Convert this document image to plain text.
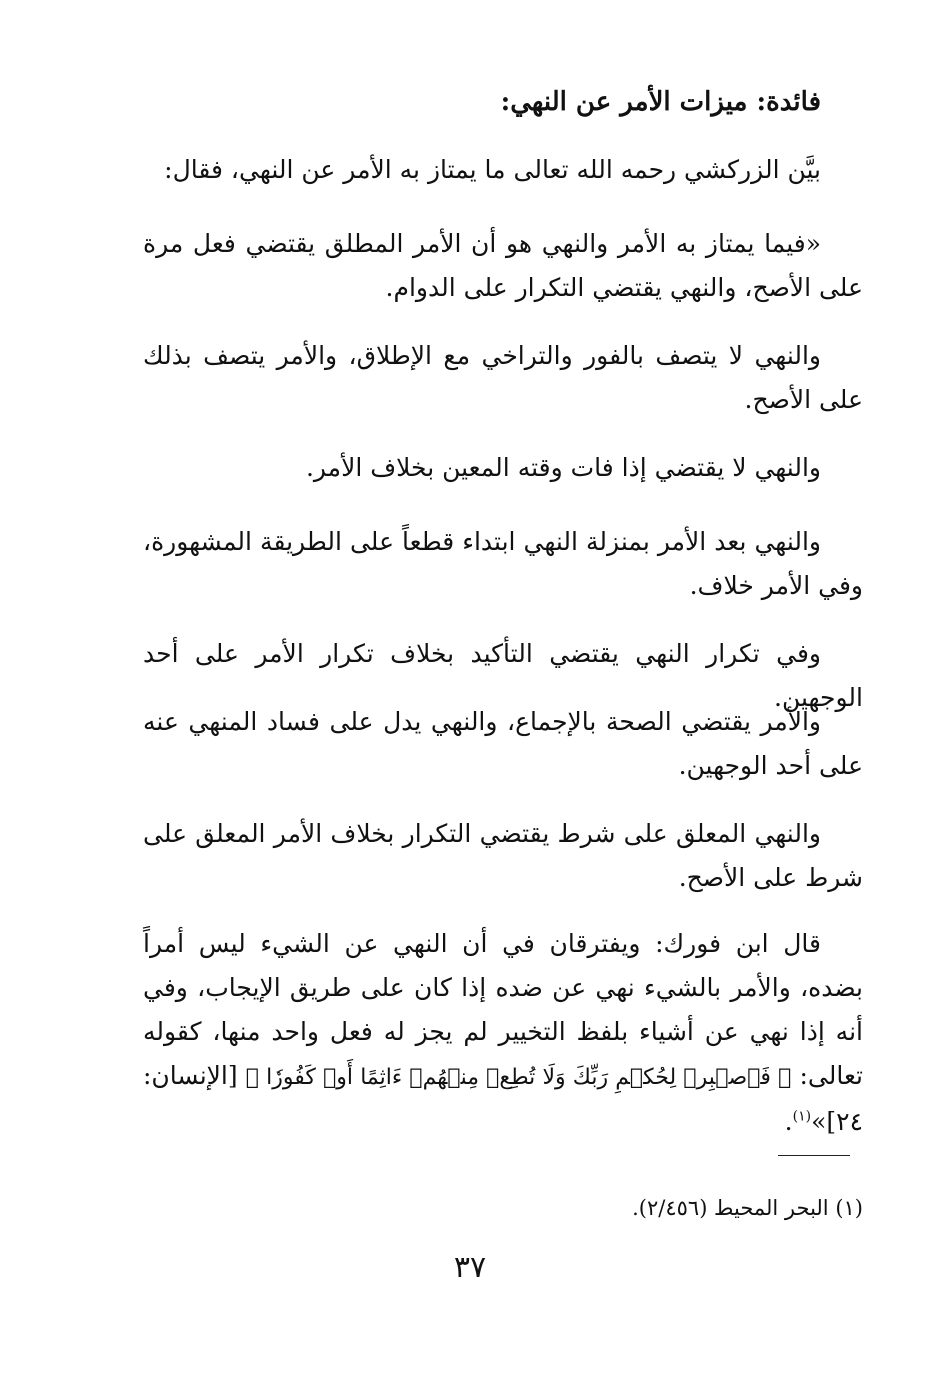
فائدة: ميزات الأمر عن النهي:

بيَّن الزركشي رحمه الله تعالى ما يمتاز به الأمر عن النهي، فقال:

«فيما يمتاز به الأمر والنهي هو أن الأمر المطلق يقتضي فعل مرة على الأصح، والنهي يقتضي التكرار على الدوام.

والنهي لا يتصف بالفور والتراخي مع الإطلاق، والأمر يتصف بذلك على الأصح.

والنهي لا يقتضي إذا فات وقته المعين بخلاف الأمر.

والنهي بعد الأمر بمنزلة النهي ابتداء قطعاً على الطريقة المشهورة، وفي الأمر خلاف.

وفي تكرار النهي يقتضي التأكيد بخلاف تكرار الأمر على أحد الوجهين.

والأمر يقتضي الصحة بالإجماع، والنهي يدل على فساد المنهي عنه على أحد الوجهين.

والنهي المعلق على شرط يقتضي التكرار بخلاف الأمر المعلق على شرط على الأصح.

قال ابن فورك: ويفترقان في أن النهي عن الشيء ليس أمراً بضده، والأمر بالشيء نهي عن ضده إذا كان على طريق الإيجاب، وفي أنه إذا نهي عن أشياء بلفظ التخيير لم يجز له فعل واحد منها، كقوله تعالى: ﴿ فَٱصۡبِرۡ لِحُكۡمِ رَبِّكَ وَلَا تُطِعۡ مِنۡهُمۡ ءَاثِمًا أَوۡ كَفُورٗا ﴾ [الإنسان: ٢٤]»$^{(١)}$.

(١) البحر المحيط (٢/٤٥٦).
٣٧
